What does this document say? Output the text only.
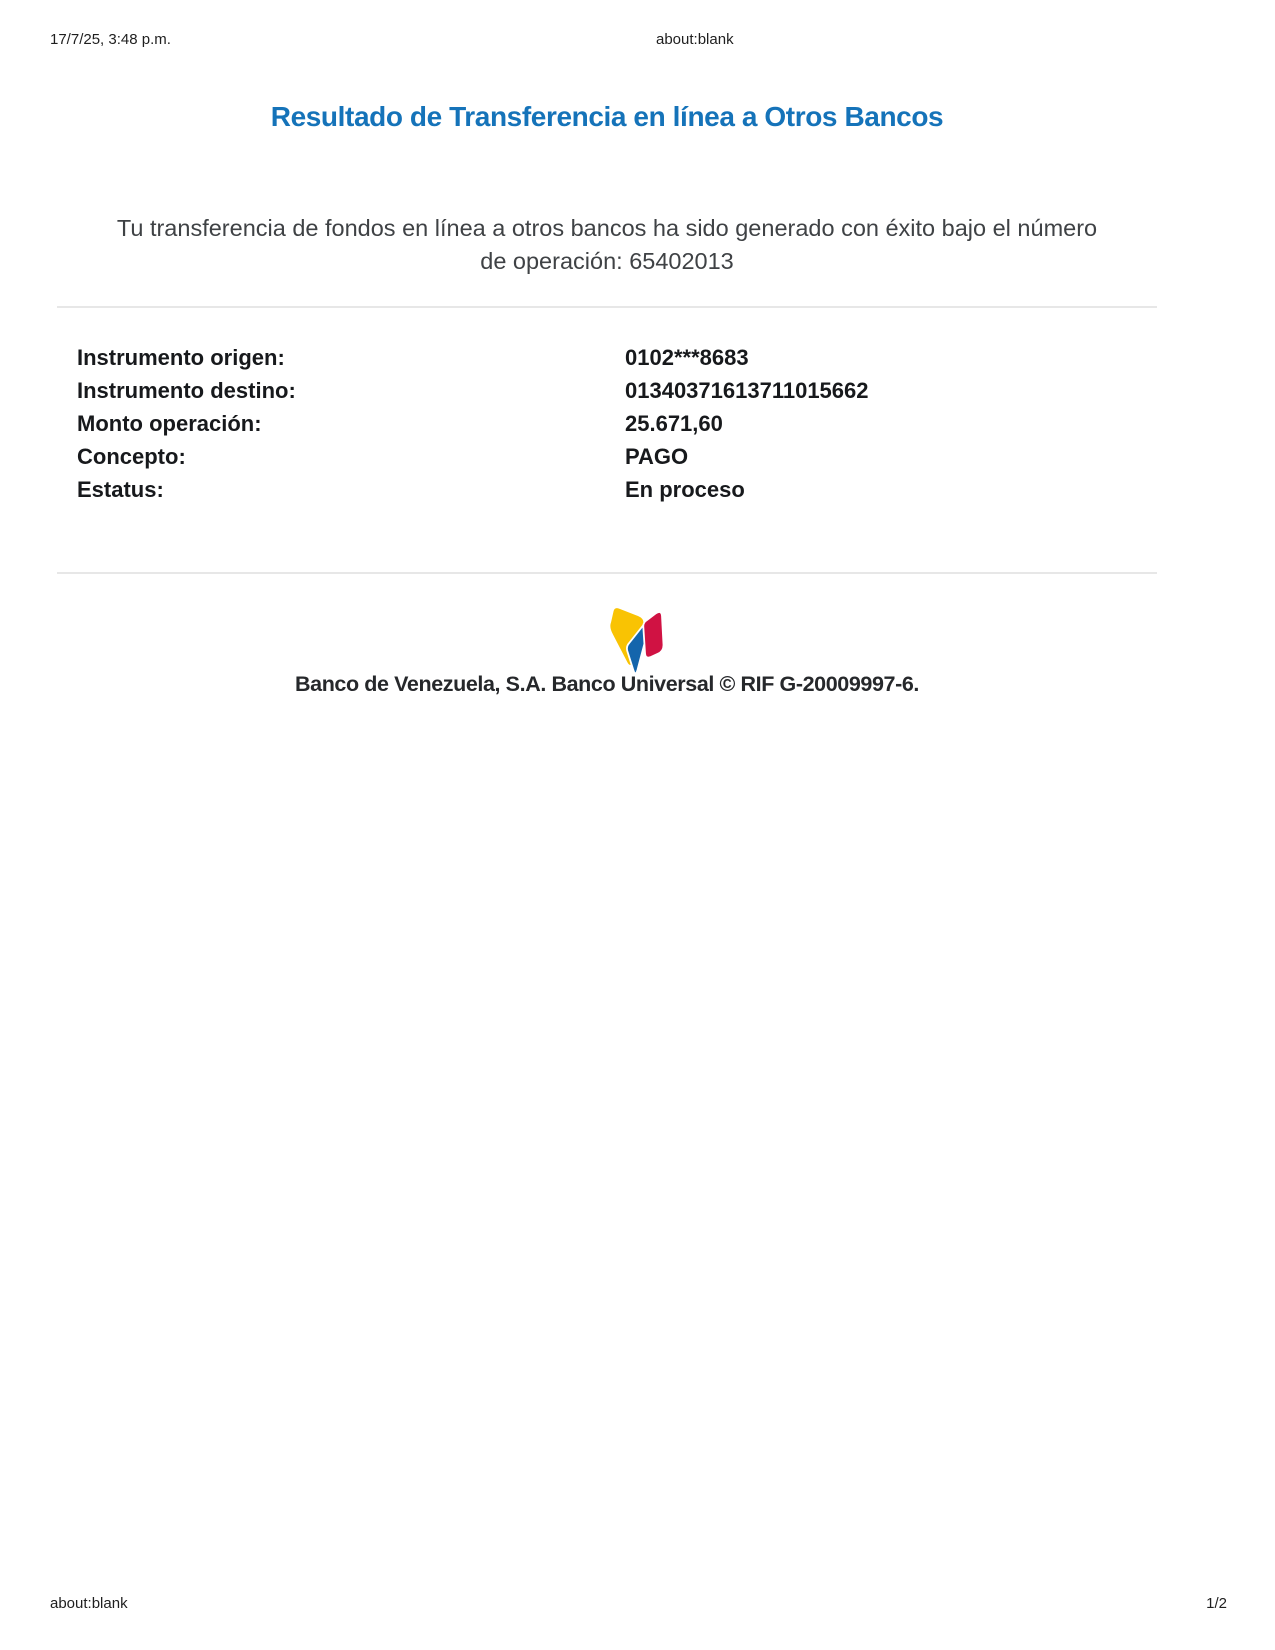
17/7/25, 3:48 p.m.	about:blank
Resultado de Transferencia en línea a Otros Bancos

Tu transferencia de fondos en línea a otros bancos ha sido generado con éxito bajo el número de operación: 65402013

Instrumento origen:	0102***8683
Instrumento destino:	01340371613711015662
Monto operación:	25.671,60
Concepto:	PAGO
Estatus:	En proceso
Banco de Venezuela, S.A. Banco Universal © RIF G-20009997-6.
about:blank	1/2
